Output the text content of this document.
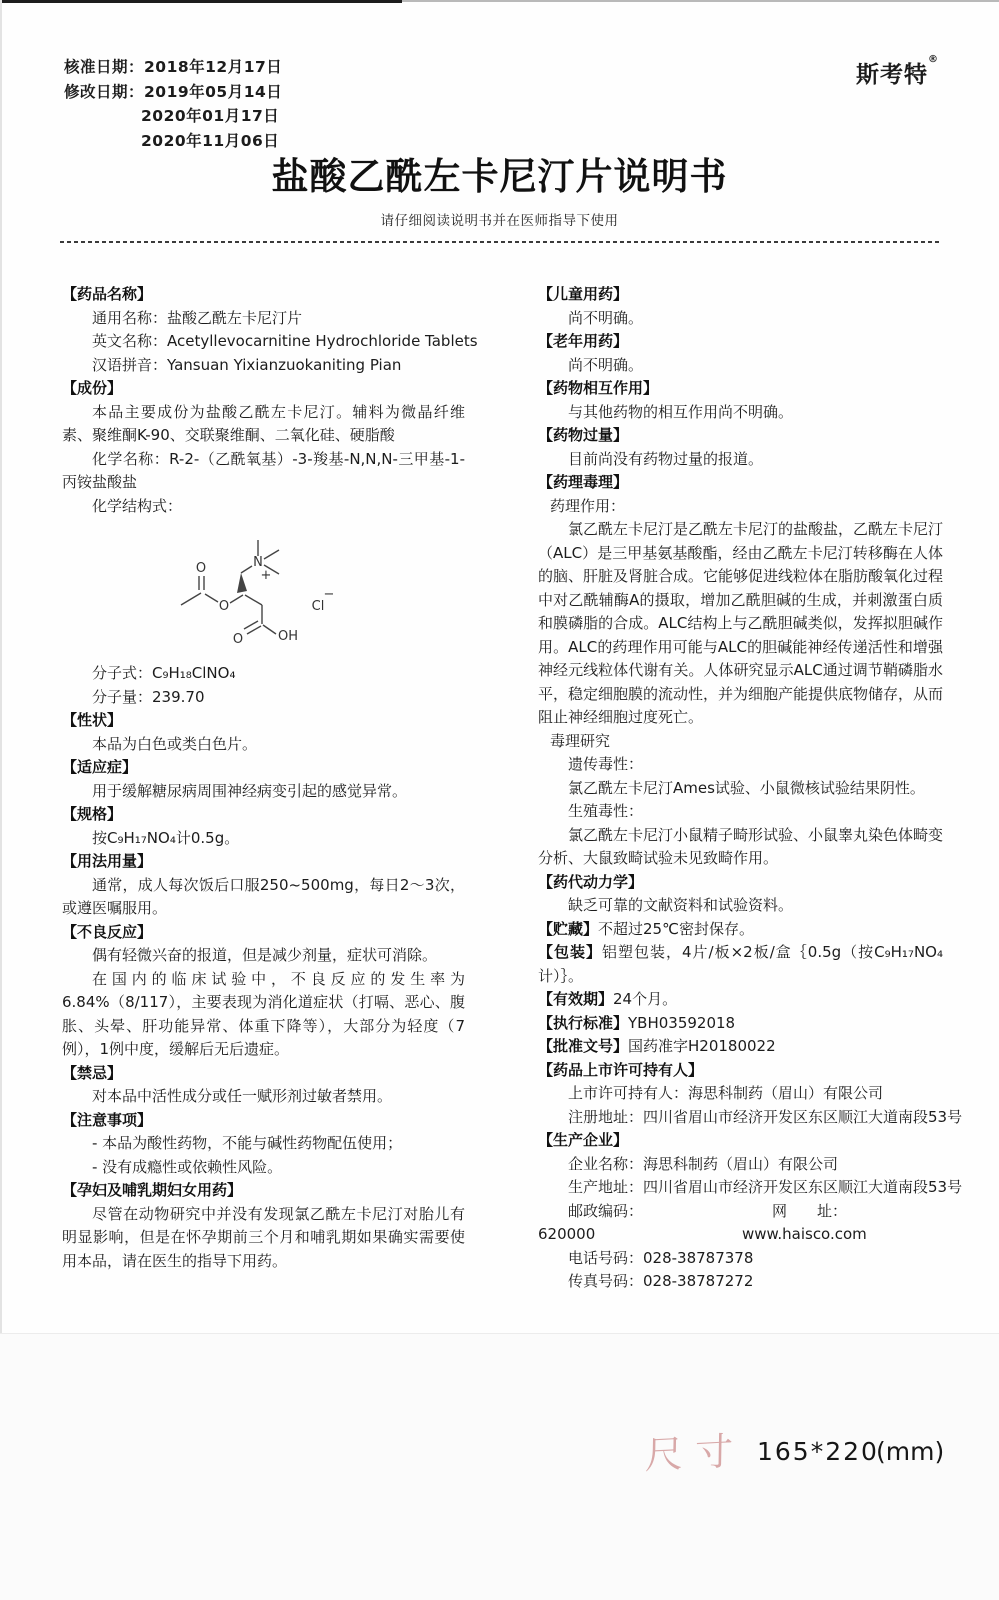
核准日期：2018年12月17日
修改日期：2019年05月14日
2020年01月17日
2020年11月06日
斯考特®
盐酸乙酰左卡尼汀片说明书
请仔细阅读说明书并在医师指导下使用

【药品名称】

通用名称：盐酸乙酰左卡尼汀片

英文名称：Acetyllevocarnitine Hydrochloride Tablets

汉语拼音：Yansuan Yixianzuokaniting Pian

【成份】

本品主要成份为盐酸乙酰左卡尼汀。辅料为微晶纤维素、聚维酮K-90、交联聚维酮、二氧化硅、硬脂酸

化学名称：R-2-（乙酰氧基）-3-羧基-N,N,N-三甲基-1-丙铵盐酸盐

化学结构式：

O
O
N
+
O	OH
Cl
−

分子式：C₉H₁₈ClNO₄

分子量：239.70

【性状】

本品为白色或类白色片。

【适应症】

用于缓解糖尿病周围神经病变引起的感觉异常。

【规格】

按C₉H₁₇NO₄计0.5g。

【用法用量】

通常，成人每次饭后口服250~500mg，每日2～3次，或遵医嘱服用。

【不良反应】

偶有轻微兴奋的报道，但是减少剂量，症状可消除。

在国内的临床试验中，不良反应的发生率为6.84%（8/117），主要表现为消化道症状（打嗝、恶心、腹胀、头晕、肝功能异常、体重下降等），大部分为轻度（7例），1例中度，缓解后无后遗症。

【禁忌】

对本品中活性成分或任一赋形剂过敏者禁用。

【注意事项】

- 本品为酸性药物，不能与碱性药物配伍使用；

- 没有成瘾性或依赖性风险。

【孕妇及哺乳期妇女用药】

尽管在动物研究中并没有发现氯乙酰左卡尼汀对胎儿有明显影响，但是在怀孕期前三个月和哺乳期如果确实需要使用本品，请在医生的指导下用药。

【儿童用药】

尚不明确。

【老年用药】

尚不明确。

【药物相互作用】

与其他药物的相互作用尚不明确。

【药物过量】

目前尚没有药物过量的报道。

【药理毒理】

药理作用：

氯乙酰左卡尼汀是乙酰左卡尼汀的盐酸盐，乙酰左卡尼汀（ALC）是三甲基氨基酸酯，经由乙酰左卡尼汀转移酶在人体的脑、肝脏及肾脏合成。它能够促进线粒体在脂肪酸氧化过程中对乙酰辅酶A的摄取，增加乙酰胆碱的生成，并刺激蛋白质和膜磷脂的合成。ALC结构上与乙酰胆碱类似，发挥拟胆碱作用。ALC的药理作用可能与ALC的胆碱能神经传递活性和增强神经元线粒体代谢有关。人体研究显示ALC通过调节鞘磷脂水平，稳定细胞膜的流动性，并为细胞产能提供底物储存，从而阻止神经细胞过度死亡。

毒理研究

遗传毒性：

氯乙酰左卡尼汀Ames试验、小鼠微核试验结果阴性。

生殖毒性：

氯乙酰左卡尼汀小鼠精子畸形试验、小鼠睾丸染色体畸变分析、大鼠致畸试验未见致畸作用。

【药代动力学】

缺乏可靠的文献资料和试验资料。

【贮藏】不超过25℃密封保存。

【包装】铝塑包装，4片/板×2板/盒｛0.5g（按C₉H₁₇NO₄计）｝。

【有效期】24个月。

【执行标准】YBH03592018

【批准文号】国药准字H20180022

【药品上市许可持有人】

上市许可持有人：海思科制药（眉山）有限公司

注册地址：四川省眉山市经济开发区东区顺江大道南段53号

【生产企业】

企业名称：海思科制药（眉山）有限公司

生产地址：四川省眉山市经济开发区东区顺江大道南段53号

邮政编码：620000
网　　址：www.haisco.com

电话号码：028-38787378

传真号码：028-38787272

尺寸 165*220
(mm)
